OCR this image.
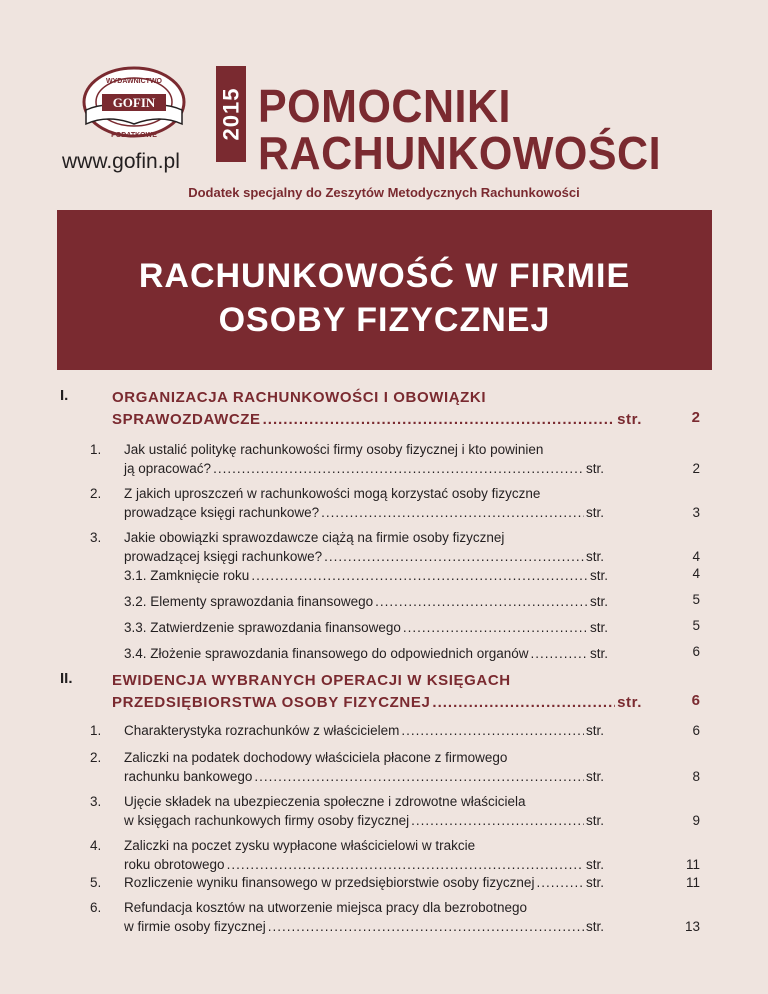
GOFIN
WYDAWNICTWO
PODATKOWE
www.gofin.pl
2015 POMOCNIKI
RACHUNKOWOŚCI
Dodatek specjalny do Zeszytów Metodycznych Rachunkowości
RACHUNKOWOŚĆ W FIRMIE
OSOBY FIZYCZNEJ
I.	ORGANIZACJA RACHUNKOWOŚCI I OBOWIĄZKI
SPRAWOZDAWCZE .....	str.	2
1. Jak ustalić politykę rachunkowości firmy osoby fizycznej i kto powinien
ją opracować? .....	str.	2
2. Z jakich uproszczeń w rachunkowości mogą korzystać osoby fizyczne
prowadzące księgi rachunkowe? .....	str.	3
3. Jakie obowiązki sprawozdawcze ciążą na firmie osoby fizycznej
prowadzącej księgi rachunkowe? .....	str.	4
3.1. Zamknięcie roku .....	str.	4
3.2. Elementy sprawozdania finansowego .....	str.	5
3.3. Zatwierdzenie sprawozdania finansowego .....	str.	5
3.4. Złożenie sprawozdania finansowego do odpowiednich organów .....	str.	6
II.	EWIDENCJA WYBRANYCH OPERACJI W KSIĘGACH
PRZEDSIĘBIORSTWA OSOBY FIZYCZNEJ .....	str.	6
1. Charakterystyka rozrachunków z właścicielem .....	str.	6
2. Zaliczki na podatek dochodowy właściciela płacone z firmowego
rachunku bankowego .....	str.	8
3. Ujęcie składek na ubezpieczenia społeczne i zdrowotne właściciela
w księgach rachunkowych firmy osoby fizycznej .....	str.	9
4. Zaliczki na poczet zysku wypłacone właścicielowi w trakcie
roku obrotowego .....	str.	11
5. Rozliczenie wyniku finansowego w przedsiębiorstwie osoby fizycznej .....	str.	11
6. Refundacja kosztów na utworzenie miejsca pracy dla bezrobotnego
w firmie osoby fizycznej .....	str.	13
